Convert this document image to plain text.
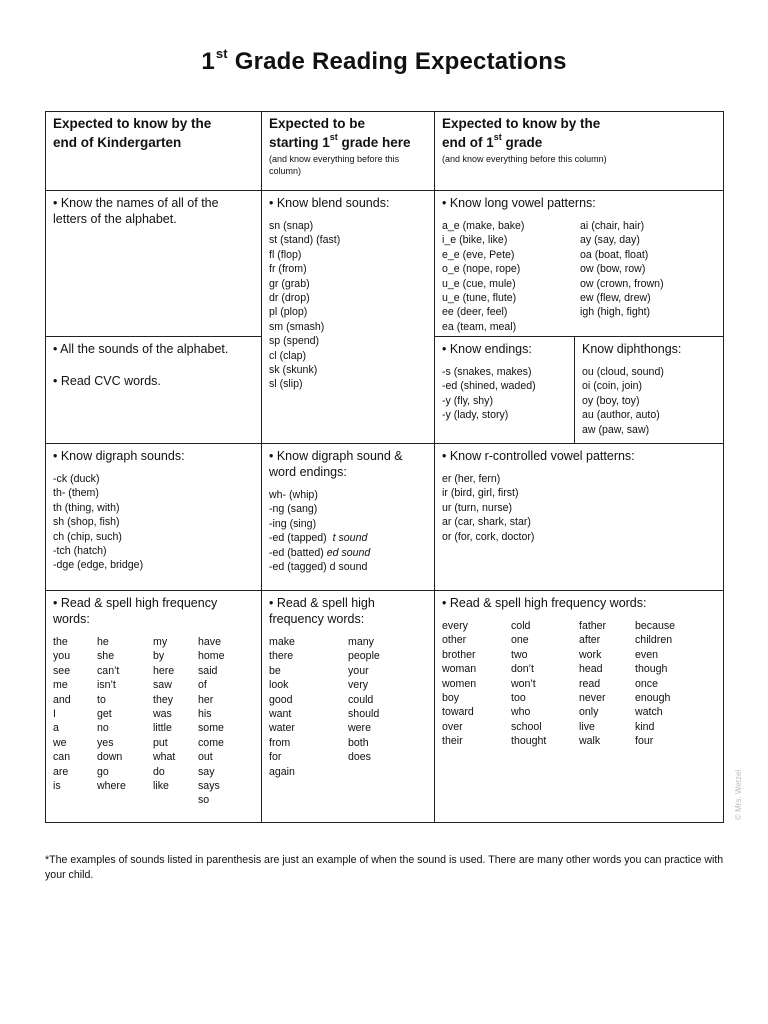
1st Grade Reading Expectations
Expected to know by the
end of Kindergarten
Expected to be
starting 1st grade here
(and know everything before this column)
Expected to know by the
end of 1st grade
(and know everything before this column)
• Know the names of all of the letters of the alphabet.
• Know blend sounds:
sn (snap)
st (stand) (fast)
fl (flop)
fr (from)
gr (grab)
dr (drop)
pl (plop)
sm (smash)
sp (spend)
cl (clap)
sk (skunk)
sl (slip)
• Know long vowel patterns:
a_e (make, bake)
i_e (bike, like)
e_e (eve, Pete)
o_e (nope, rope)
u_e (cue, mule)
u_e (tune, flute)
ee (deer, feel)
ea (team, meal)
ai (chair, hair)
ay (say, day)
oa (boat, float)
ow (bow, row)
ow (crown, frown)
ew (flew, drew)
igh (high, fight)
• All the sounds of the alphabet.
• Read CVC words.
• Know endings:
-s (snakes, makes)
-ed (shined, waded)
-y (fly, shy)
-y (lady, story)
Know diphthongs:
ou (cloud, sound)
oi (coin, join)
oy (boy, toy)
au (author, auto)
aw (paw, saw)
• Know digraph sounds:
-ck (duck)
th- (them)
th (thing, with)
sh (shop, fish)
ch (chip, such)
-tch (hatch)
-dge (edge, bridge)
• Know digraph sound & word endings:
wh- (whip)
-ng (sang)
-ing (sing)
-ed (tapped) t sound
-ed (batted) ed sound
-ed (tagged) d sound
• Know r-controlled vowel patterns:
er (her, fern)
ir (bird, girl, first)
ur (turn, nurse)
ar (car, shark, star)
or (for, cork, doctor)
• Read & spell high frequency words:
the
you
see
me
and
I
a
we
can
are
is
he
she
can’t
isn’t
to
get
no
yes
down
go
where
my
by
here
saw
they
was
little
put
what
do
like
have
home
said
of
her
his
some
come
out
say
says
so
• Read & spell high frequency words:
make
there
be
look
good
want
water
from
for
again
many
people
your
very
could
should
were
both
does
• Read & spell high frequency words:
every
other
brother
woman
women
boy
toward
over
their
cold
one
two
don’t
won’t
too
who
school
thought
father
after
work
head
read
never
only
live
walk
because
children
even
though
once
enough
watch
kind
four
© Mrs. Wetzel
*The examples of sounds listed in parenthesis are just an example of when the sound is used. There are many other words you can practice with your child.
